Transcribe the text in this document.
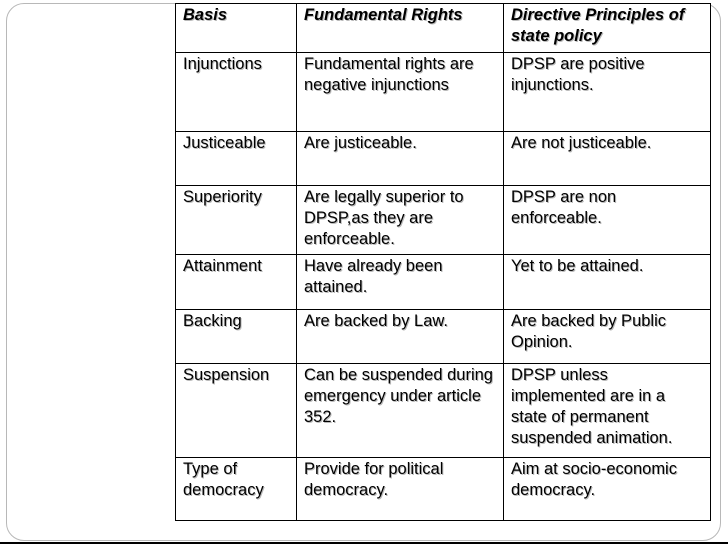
Basis	Fundamental Rights	Directive Principles of state policy
Injunctions	Fundamental rights are negative injunctions	DPSP are positive injunctions.
Justiceable	Are justiceable.	Are not justiceable.
Superiority	Are legally superior to DPSP,as they are enforceable.	DPSP are non enforceable.
Attainment	Have already been attained.	Yet to be attained.
Backing	Are backed by Law.	Are backed by Public Opinion.
Suspension	Can be suspended during emergency under article 352.	DPSP unless implemented are in a state of permanent suspended animation.
Type of democracy	Provide for political democracy.	Aim at socio-economic democracy.
